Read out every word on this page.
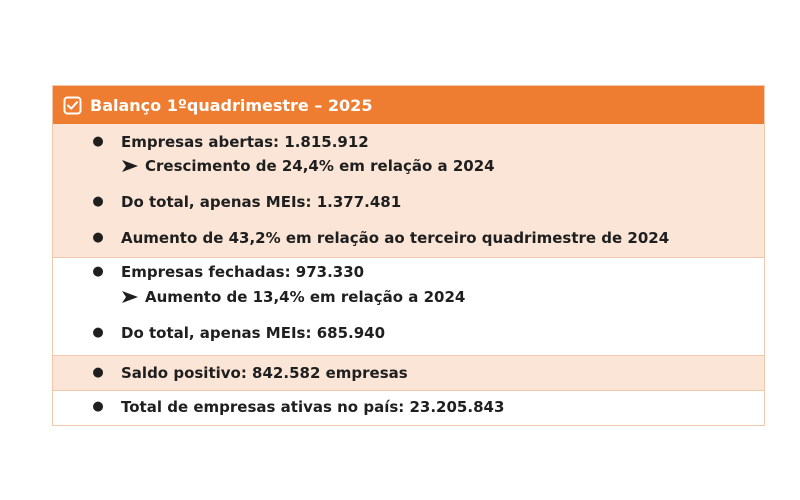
Balanço 1ºquadrimestre – 2025
● Empresas abertas: 1.815.912
Crescimento de 24,4% em relação a 2024
● Do total, apenas MEIs: 1.377.481
● Aumento de 43,2% em relação ao terceiro quadrimestre de 2024
● Empresas fechadas: 973.330
Aumento de 13,4% em relação a 2024
● Do total, apenas MEIs: 685.940
● Saldo positivo: 842.582 empresas
● Total de empresas ativas no país: 23.205.843
